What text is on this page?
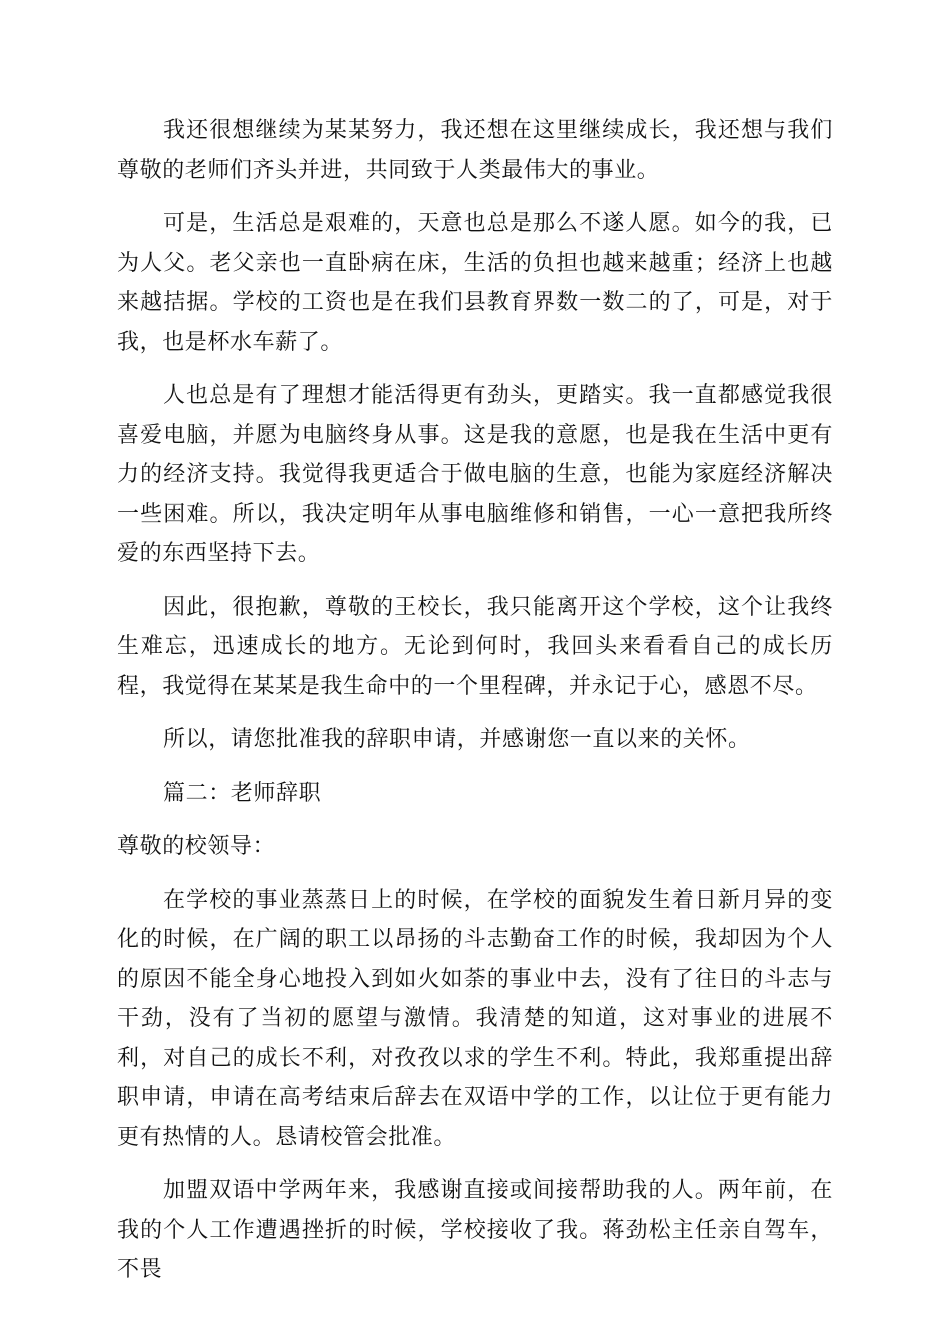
我还很想继续为某某努力，我还想在这里继续成长，我还想与我们尊敬的老师们齐头并进，共同致于人类最伟大的事业。

可是，生活总是艰难的，天意也总是那么不遂人愿。如今的我，已为人父。老父亲也一直卧病在床，生活的负担也越来越重；经济上也越来越拮据。学校的工资也是在我们县教育界数一数二的了，可是，对于我，也是杯水车薪了。

人也总是有了理想才能活得更有劲头，更踏实。我一直都感觉我很喜爱电脑，并愿为电脑终身从事。这是我的意愿，也是我在生活中更有力的经济支持。我觉得我更适合于做电脑的生意，也能为家庭经济解决一些困难。所以，我决定明年从事电脑维修和销售，一心一意把我所终爱的东西坚持下去。

因此，很抱歉，尊敬的王校长，我只能离开这个学校，这个让我终生难忘，迅速成长的地方。无论到何时，我回头来看看自己的成长历程，我觉得在某某是我生命中的一个里程碑，并永记于心，感恩不尽。

所以，请您批准我的辞职申请，并感谢您一直以来的关怀。

篇二：老师辞职

尊敬的校领导：

在学校的事业蒸蒸日上的时候，在学校的面貌发生着日新月异的变化的时候，在广阔的职工以昂扬的斗志勤奋工作的时候，我却因为个人的原因不能全身心地投入到如火如荼的事业中去，没有了往日的斗志与干劲，没有了当初的愿望与激情。我清楚的知道，这对事业的进展不利，对自己的成长不利，对孜孜以求的学生不利。特此，我郑重提出辞职申请，申请在高考结束后辞去在双语中学的工作，以让位于更有能力更有热情的人。恳请校管会批准。

加盟双语中学两年来，我感谢直接或间接帮助我的人。两年前，在我的个人工作遭遇挫折的时候，学校接收了我。蒋劲松主任亲自驾车，不畏
